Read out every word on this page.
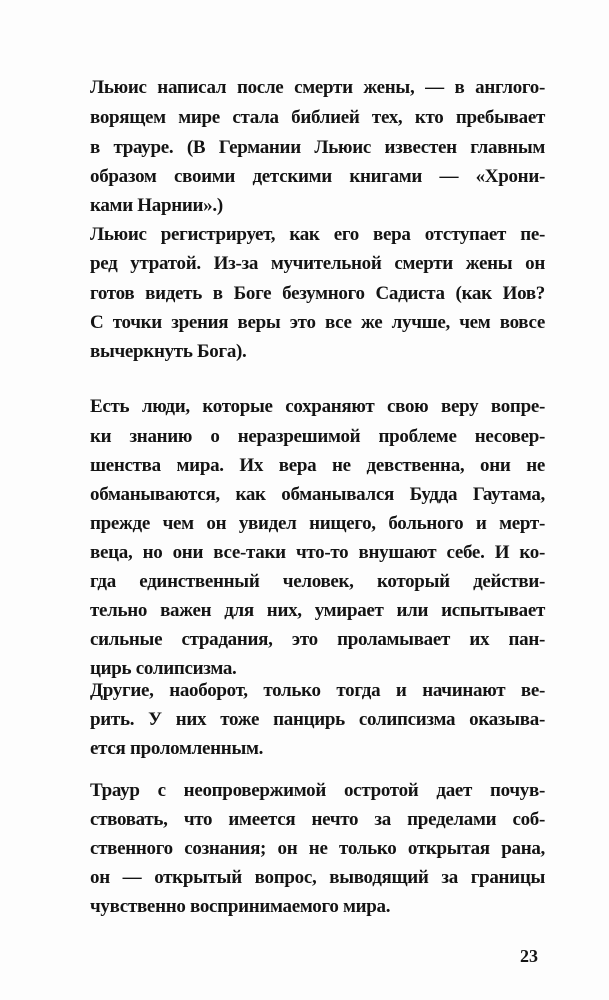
Льюис написал после смерти жены, — в англого-
ворящем мире стала библией тех, кто пребывает
в трауре. (В Германии Льюис известен главным
образом своими детскими книгами — «Хрони-
ками Нарнии».)
Льюис регистрирует, как его вера отступает пе-
ред утратой. Из-за мучительной смерти жены он
готов видеть в Боге безумного Садиста (как Иов?
С точки зрения веры это все же лучше, чем вовсе
вычеркнуть Бога).
Есть люди, которые сохраняют свою веру вопре-
ки знанию о неразрешимой проблеме несовер-
шенства мира. Их вера не девственна, они не
обманываются, как обманывался Будда Гаутама,
прежде чем он увидел нищего, больного и мерт-
веца, но они все-таки что-то внушают себе. И ко-
гда единственный человек, который действи-
тельно важен для них, умирает или испытывает
сильные страдания, это проламывает их пан-
цирь солипсизма.
Другие, наоборот, только тогда и начинают ве-
рить. У них тоже панцирь солипсизма оказыва-
ется проломленным.
Траур с неопровержимой остротой дает почув-
ствовать, что имеется нечто за пределами соб-
ственного сознания; он не только открытая рана,
он — открытый вопрос, выводящий за границы
чувственно воспринимаемого мира.
23
